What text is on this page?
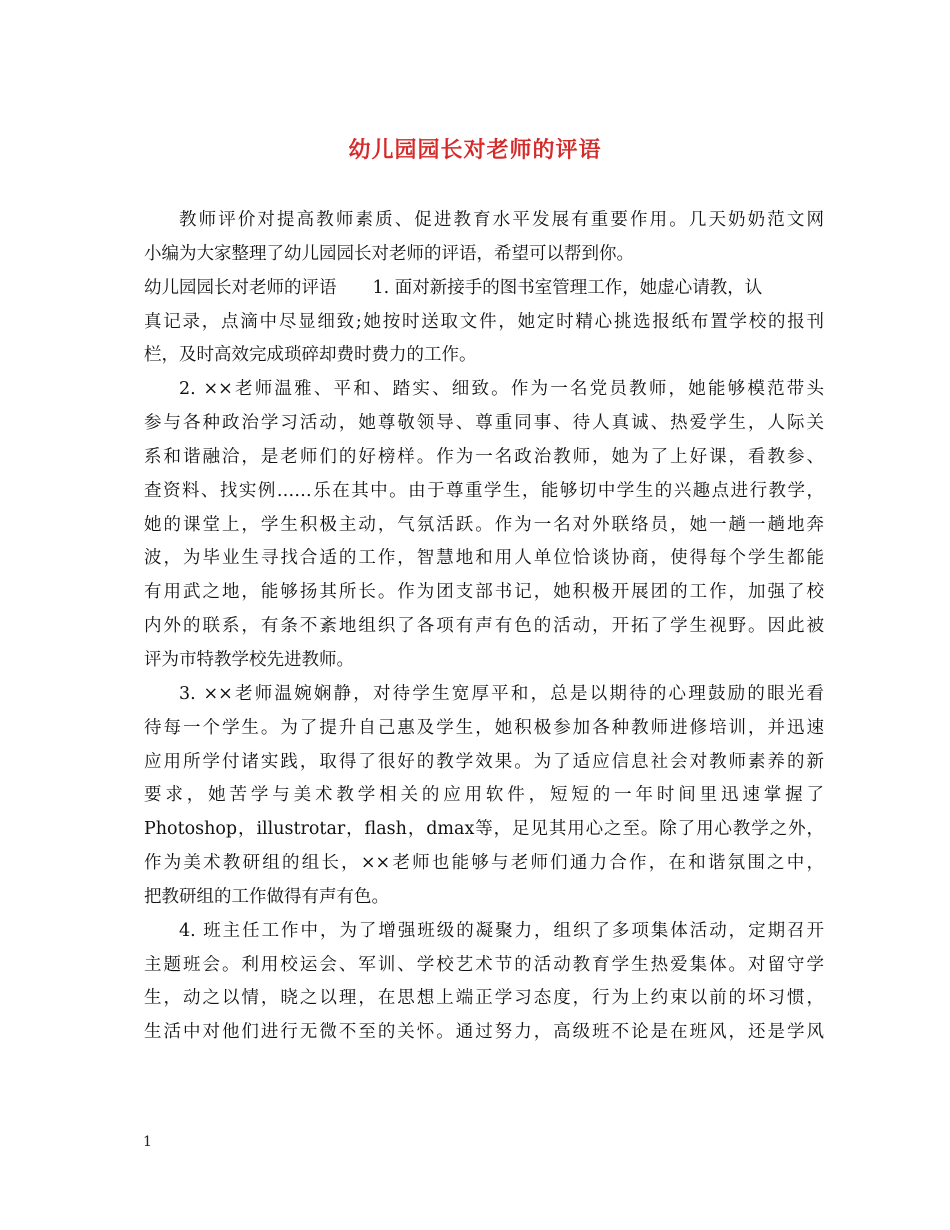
幼儿园园长对老师的评语
教师评价对提高教师素质、促进教育水平发展有重要作用。几天奶奶范文网
小编为大家整理了幼儿园园长对老师的评语，希望可以帮到你。
幼儿园园长对老师的评语 1. 面对新接手的图书室管理工作，她虚心请教，认
真记录，点滴中尽显细致;她按时送取文件，她定时精心挑选报纸布置学校的报刊
栏，及时高效完成琐碎却费时费力的工作。
2. ××老师温雅、平和、踏实、细致。作为一名党员教师，她能够模范带头
参与各种政治学习活动，她尊敬领导、尊重同事、待人真诚、热爱学生，人际关
系和谐融洽，是老师们的好榜样。作为一名政治教师，她为了上好课，看教参、
查资料、找实例……乐在其中。由于尊重学生，能够切中学生的兴趣点进行教学，
她的课堂上，学生积极主动，气氛活跃。作为一名对外联络员，她一趟一趟地奔
波，为毕业生寻找合适的工作，智慧地和用人单位恰谈协商，使得每个学生都能
有用武之地，能够扬其所长。作为团支部书记，她积极开展团的工作，加强了校
内外的联系，有条不紊地组织了各项有声有色的活动，开拓了学生视野。因此被
评为市特教学校先进教师。
3. ××老师温婉娴静，对待学生宽厚平和，总是以期待的心理鼓励的眼光看
待每一个学生。为了提升自己惠及学生，她积极参加各种教师进修培训，并迅速
应用所学付诸实践，取得了很好的教学效果。为了适应信息社会对教师素养的新
要求，她苦学与美术教学相关的应用软件，短短的一年时间里迅速掌握了
Photoshop，illustrotar，flash，dmax等，足见其用心之至。除了用心教学之外，
作为美术教研组的组长，××老师也能够与老师们通力合作，在和谐氛围之中，
把教研组的工作做得有声有色。
4. 班主任工作中，为了增强班级的凝聚力，组织了多项集体活动，定期召开
主题班会。利用校运会、军训、学校艺术节的活动教育学生热爱集体。对留守学
生，动之以情，晓之以理，在思想上端正学习态度，行为上约束以前的坏习惯，
生活中对他们进行无微不至的关怀。通过努力，高级班不论是在班风，还是学风
1
